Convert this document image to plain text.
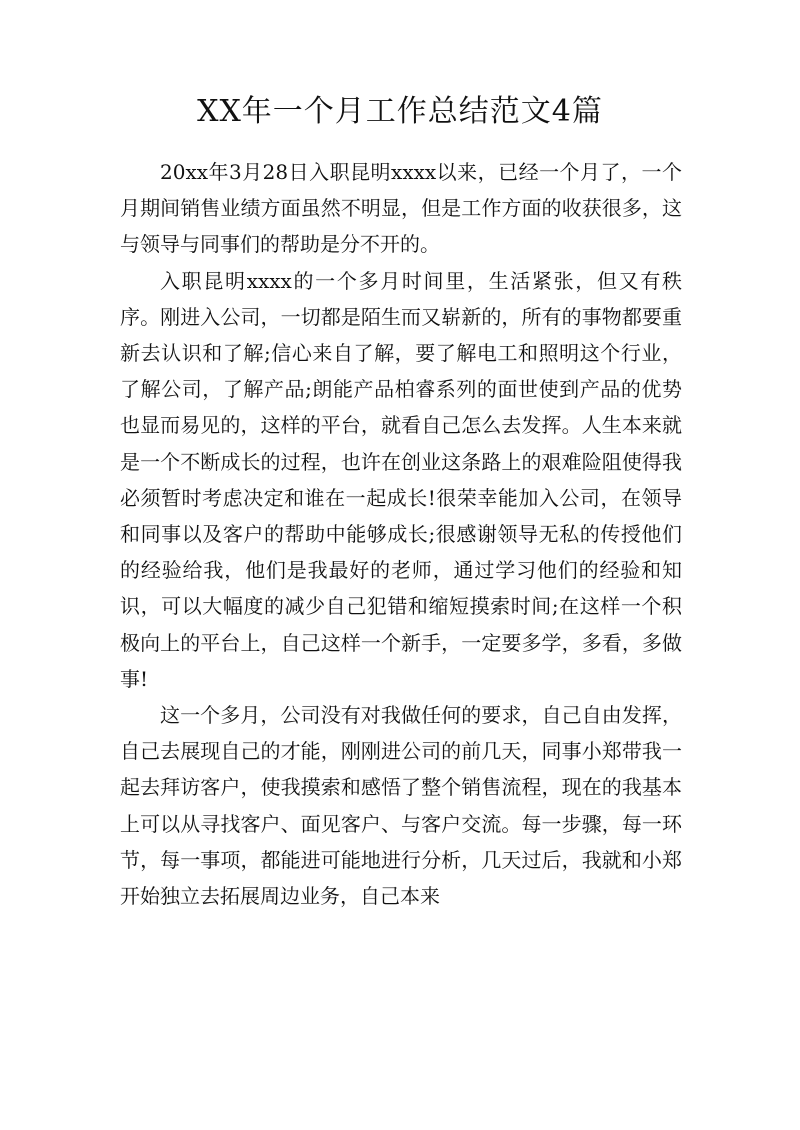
XX年一个月工作总结范文4篇

20xx年3月28日入职昆明xxxx以来，已经一个月了，一个月期间销售业绩方面虽然不明显，但是工作方面的收获很多，这与领导与同事们的帮助是分不开的。

入职昆明xxxx的一个多月时间里，生活紧张，但又有秩序。刚进入公司，一切都是陌生而又崭新的，所有的事物都要重新去认识和了解;信心来自了解，要了解电工和照明这个行业，了解公司，了解产品;朗能产品柏睿系列的面世使到产品的优势也显而易见的，这样的平台，就看自己怎么去发挥。人生本来就是一个不断成长的过程，也许在创业这条路上的艰难险阻使得我必须暂时考虑决定和谁在一起成长!很荣幸能加入公司，在领导和同事以及客户的帮助中能够成长;很感谢领导无私的传授他们的经验给我，他们是我最好的老师，通过学习他们的经验和知识，可以大幅度的减少自己犯错和缩短摸索时间;在这样一个积极向上的平台上，自己这样一个新手，一定要多学，多看，多做事!

这一个多月，公司没有对我做任何的要求，自己自由发挥，自己去展现自己的才能，刚刚进公司的前几天，同事小郑带我一起去拜访客户，使我摸索和感悟了整个销售流程，现在的我基本上可以从寻找客户、面见客户、与客户交流。每一步骤，每一环节，每一事项，都能进可能地进行分析，几天过后，我就和小郑开始独立去拓展周边业务，自己本来
